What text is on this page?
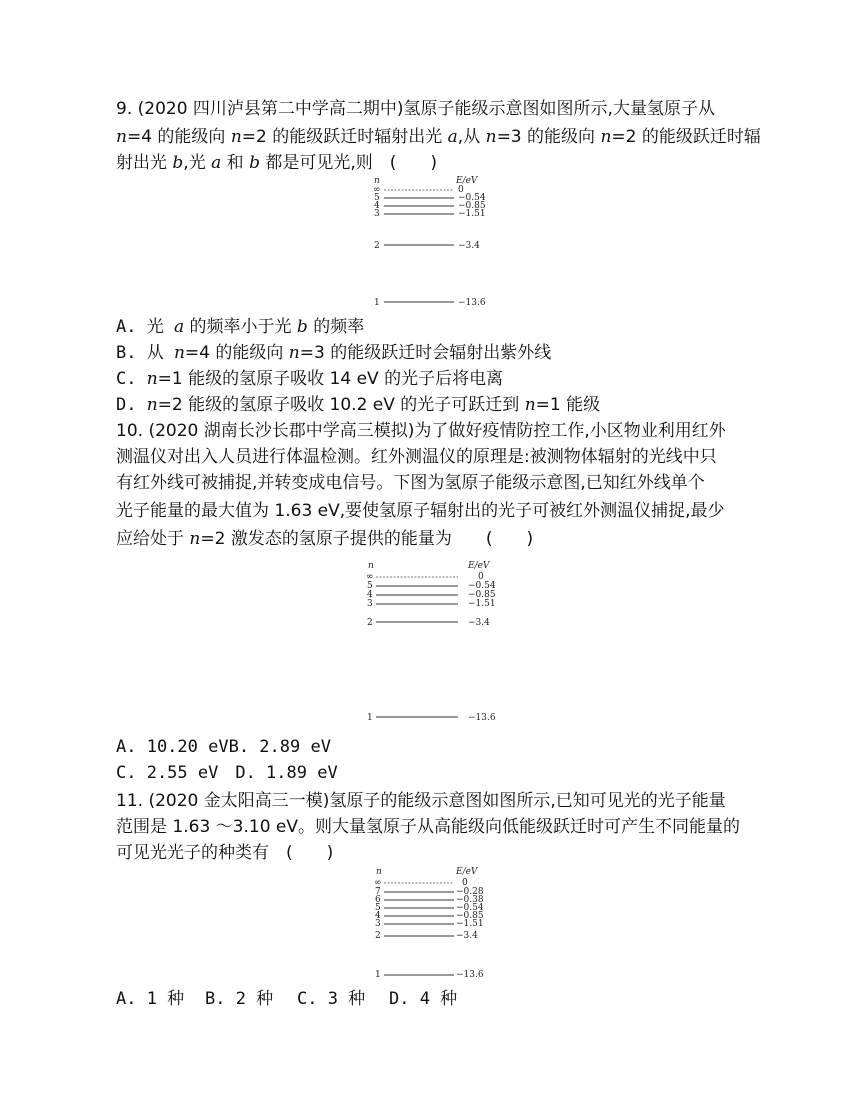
9. (2020 四川泸县第二中学高二期中)氢原子能级示意图如图所示,大量氢原子从
n=4 的能级向 n=2 的能级跃迁时辐射出光 a,从 n=3 的能级向 n=2 的能级跃迁时辐
射出光 b,光 a 和 b 都是可见光,则　(　　)
n	E/eV
∞	0
5	−0.54
4	−0.85
3	−1.51
2	−3.4
1	−13.6
A. 光 a 的频率小于光 b 的频率
B. 从 n=4 的能级向 n=3 的能级跃迁时会辐射出紫外线
C. n=1 能级的氢原子吸收 14 eV 的光子后将电离
D. n=2 能级的氢原子吸收 10.2 eV 的光子可跃迁到 n=1 能级
10. (2020 湖南长沙长郡中学高三模拟)为了做好疫情防控工作,小区物业利用红外
测温仪对出入人员进行体温检测。红外测温仪的原理是:被测物体辐射的光线中只
有红外线可被捕捉,并转变成电信号。下图为氢原子能级示意图,已知红外线单个
光子能量的最大值为 1.63 eV,要使氢原子辐射出的光子可被红外测温仪捕捉,最少
应给处于 n=2 激发态的氢原子提供的能量为　　(　　)
n	E/eV
∞	0
5	−0.54
4	−0.85
3	−1.51
2	−3.4
1	−13.6
A. 10.20 eVB. 2.89 eV
C. 2.55 eV　D. 1.89 eV
11. (2020 金太阳高三一模)氢原子的能级示意图如图所示,已知可见光的光子能量
范围是 1.63 〜3.10 eV。则大量氢原子从高能级向低能级跃迁时可产生不同能量的
可见光光子的种类有　(　　)
n	E/eV
∞	0
7	−0.28
6	−0.38
5	−0.54
4	−0.85
3	−1.51
2	−3.4
1	−13.6
A. 1 种 B. 2 种 C. 3 种 D. 4 种
